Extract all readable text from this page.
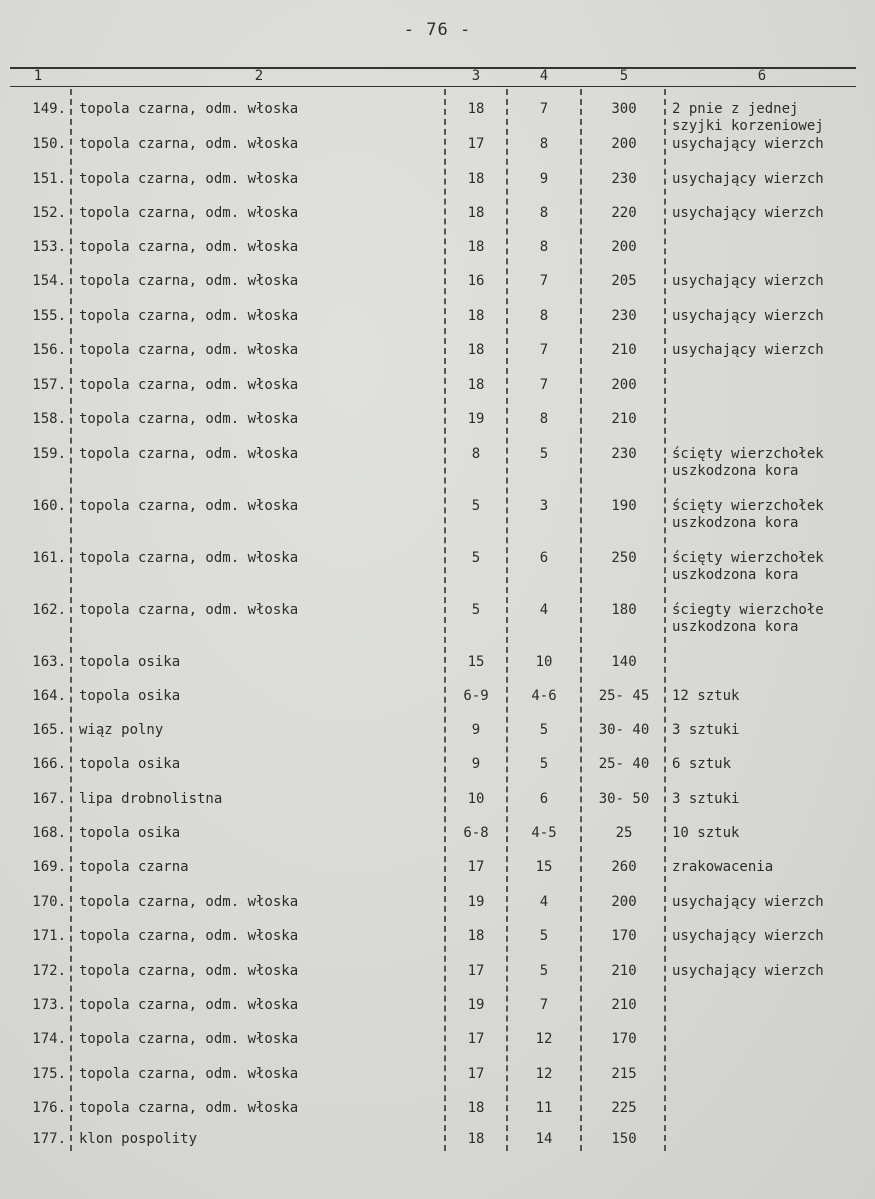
- 76 -
1	2	3	4	5	6
149. topola czarna, odm. włoska	18	7	300	2 pnie z jednej
szyjki korzeniowej
150. topola czarna, odm. włoska	17	8	200	usychający wierzch
151. topola czarna, odm. włoska	18	9	230	usychający wierzch
152. topola czarna, odm. włoska	18	8	220	usychający wierzch
153. topola czarna, odm. włoska	18	8	200
154. topola czarna, odm. włoska	16	7	205	usychający wierzch
155. topola czarna, odm. włoska	18	8	230	usychający wierzch
156. topola czarna, odm. włoska	18	7	210	usychający wierzch
157. topola czarna, odm. włoska	18	7	200
158. topola czarna, odm. włoska	19	8	210
159. topola czarna, odm. włoska	8	5	230	ścięty wierzchołek
uszkodzona kora
160. topola czarna, odm. włoska	5	3	190	ścięty wierzchołek
uszkodzona kora
161. topola czarna, odm. włoska	5	6	250	ścięty wierzchołek
uszkodzona kora
162. topola czarna, odm. włoska	5	4	180	ściegty wierzchołe
uszkodzona kora
163. topola osika	15	10	140
164. topola osika	6-9	4-6	25- 45	12 sztuk
165. wiąz polny	9	5	30- 40	3 sztuki
166. topola osika	9	5	25- 40	6 sztuk
167. lipa drobnolistna	10	6	30- 50	3 sztuki
168. topola osika	6-8	4-5	25	10 sztuk
169. topola czarna	17	15	260	zrakowacenia
170. topola czarna, odm. włoska	19	4	200	usychający wierzch
171. topola czarna, odm. włoska	18	5	170	usychający wierzch
172. topola czarna, odm. włoska	17	5	210	usychający wierzch
173. topola czarna, odm. włoska	19	7	210
174. topola czarna, odm. włoska	17	12	170
175. topola czarna, odm. włoska	17	12	215
176. topola czarna, odm. włoska	18	11	225
177. klon pospolity	18	14	150
